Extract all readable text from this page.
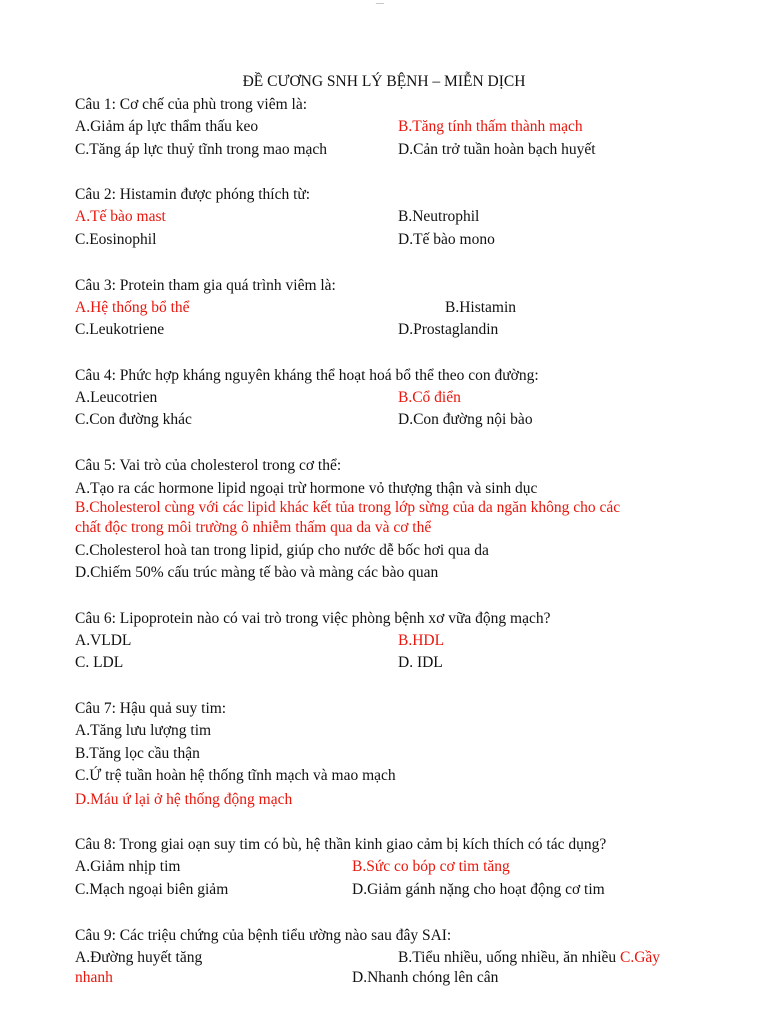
ĐỀ CƯƠNG SNH LÝ BỆNH – MIỄN DỊCH
Câu 1: Cơ chế của phù trong viêm là:
A.Giảm áp lực thẩm thấu keo	B.Tăng tính thấm thành mạch
C.Tăng áp lực thuỷ tĩnh trong mao mạch	D.Cản trở tuần hoàn bạch huyết
Câu 2: Histamin được phóng thích từ:
A.Tế bào mast	B.Neutrophil
C.Eosinophil	D.Tế bào mono
Câu 3: Protein tham gia quá trình viêm là:
A.Hệ thống bổ thể	B.Histamin
C.Leukotriene	D.Prostaglandin
Câu 4: Phức hợp kháng nguyên kháng thể hoạt hoá bổ thể theo con đường:
A.Leucotrien	B.Cổ điển
C.Con đường khác	D.Con đường nội bào
Câu 5: Vai trò của cholesterol trong cơ thể:
A.Tạo ra các hormone lipid ngoại trừ hormone vỏ thượng thận và sinh dục
B.Cholesterol cùng với các lipid khác kết tủa trong lớp sừng của da ngăn không cho các
chất độc trong môi trường ô nhiễm thấm qua da và cơ thể
C.Cholesterol hoà tan trong lipid, giúp cho nước dễ bốc hơi qua da
D.Chiếm 50% cấu trúc màng tế bào và màng các bào quan
Câu 6: Lipoprotein nào có vai trò trong việc phòng bệnh xơ vữa động mạch?
A.VLDL	B.HDL
C. LDL	D. IDL
Câu 7: Hậu quả suy tim:
A.Tăng lưu lượng tim
B.Tăng lọc cầu thận
C.Ứ trệ tuần hoàn hệ thống tĩnh mạch và mao mạch
D.Máu ứ lại ở hệ thống động mạch
Câu 8: Trong giai oạn suy tim có bù, hệ thần kinh giao cảm bị kích thích có tác dụng?
A.Giảm nhịp tim	B.Sức co bóp cơ tim tăng
C.Mạch ngoại biên giảm	D.Giảm gánh nặng cho hoạt động cơ tim
Câu 9: Các triệu chứng của bệnh tiểu ường nào sau đây SAI:
A.Đường huyết tăng	B.Tiểu nhiều, uống nhiều, ăn nhiều C.Gầy
nhanh	D.Nhanh chóng lên cân
